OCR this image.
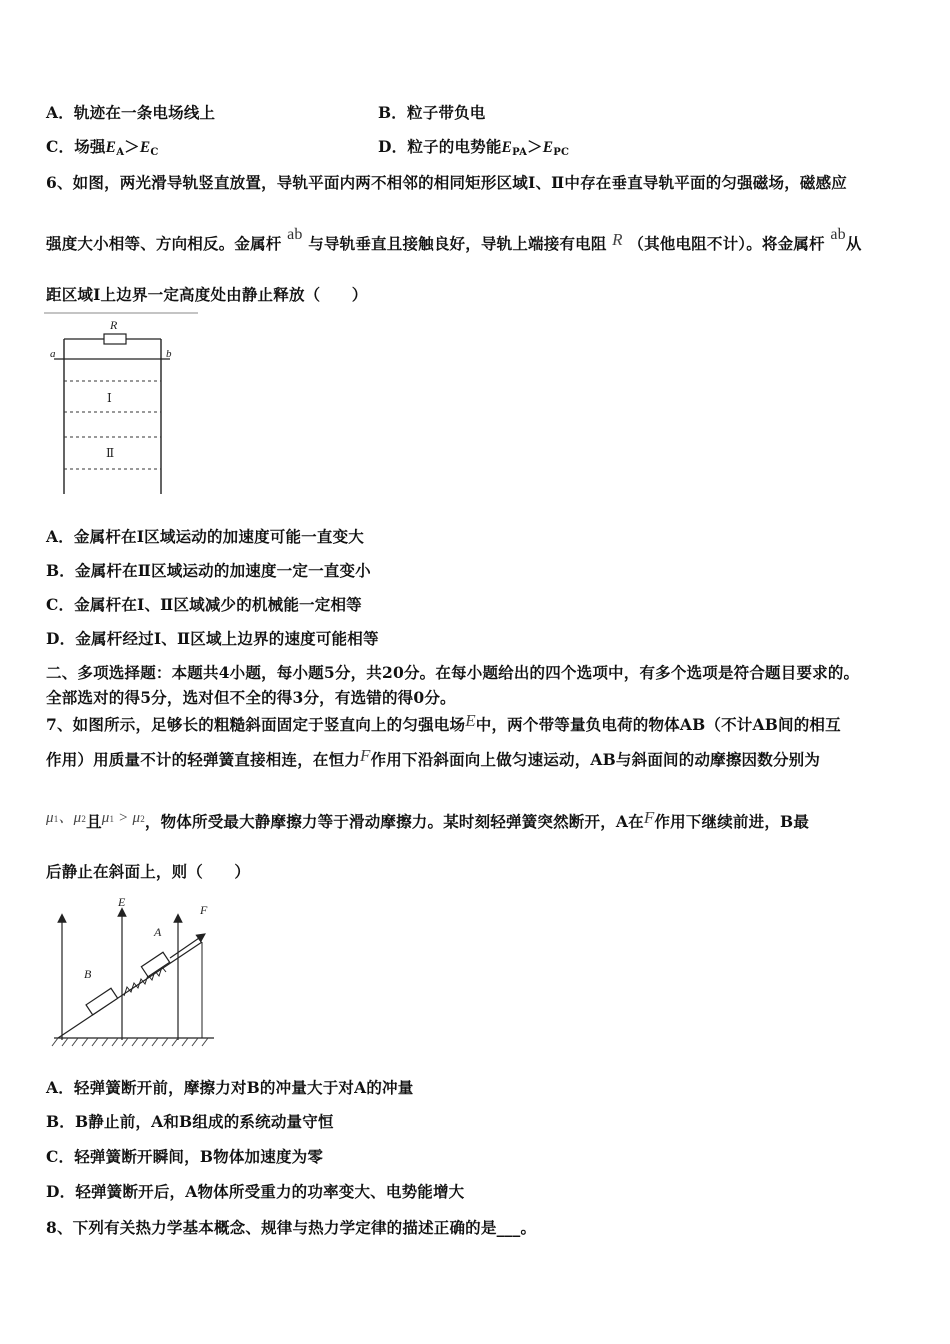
A．轨迹在一条电场线上	B．粒子带负电
C．场强$E_A>E_C$	D．粒子的电势能$E_{PA}>E_{PC}$
6、如图，两光滑导轨竖直放置，导轨平面内两不相邻的相同矩形区域Ⅰ、Ⅱ中存在垂直导轨平面的匀强磁场，磁感应
强度大小相等、方向相反。金属杆 ab 与导轨垂直且接触良好，导轨上端接有电阻 R （其他电阻不计）。将金属杆 ab从
距区域Ⅰ上边界一定高度处由静止释放（　　）
R
a	b
Ⅰ
Ⅱ
A．金属杆在Ⅰ区域运动的加速度可能一直变大
B．金属杆在Ⅱ区域运动的加速度一定一直变小
C．金属杆在Ⅰ、Ⅱ区域减少的机械能一定相等
D．金属杆经过Ⅰ、Ⅱ区域上边界的速度可能相等
二、多项选择题：本题共4小题，每小题5分，共20分。在每小题给出的四个选项中，有多个选项是符合题目要求的。
全部选对的得5分，选对但不全的得3分，有选错的得0分。
7、如图所示，足够长的粗糙斜面固定于竖直向上的匀强电场E中，两个带等量负电荷的物体AB（不计AB间的相互
作用）用质量不计的轻弹簧直接相连，在恒力F作用下沿斜面向上做匀速运动，AB与斜面间的动摩擦因数分别为
$\mu^1$、$\mu^2$且$\mu^1 > \mu^2$，物体所受最大静摩擦力等于滑动摩擦力。某时刻轻弹簧突然断开，A在F作用下继续前进，B最
后静止在斜面上，则（　　）
E
F
A
B
A．轻弹簧断开前，摩擦力对B的冲量大于对A的冲量
B．B静止前，A和B组成的系统动量守恒
C．轻弹簧断开瞬间，B物体加速度为零
D．轻弹簧断开后，A物体所受重力的功率变大、电势能增大
8、下列有关热力学基本概念、规律与热力学定律的描述正确的是___。
